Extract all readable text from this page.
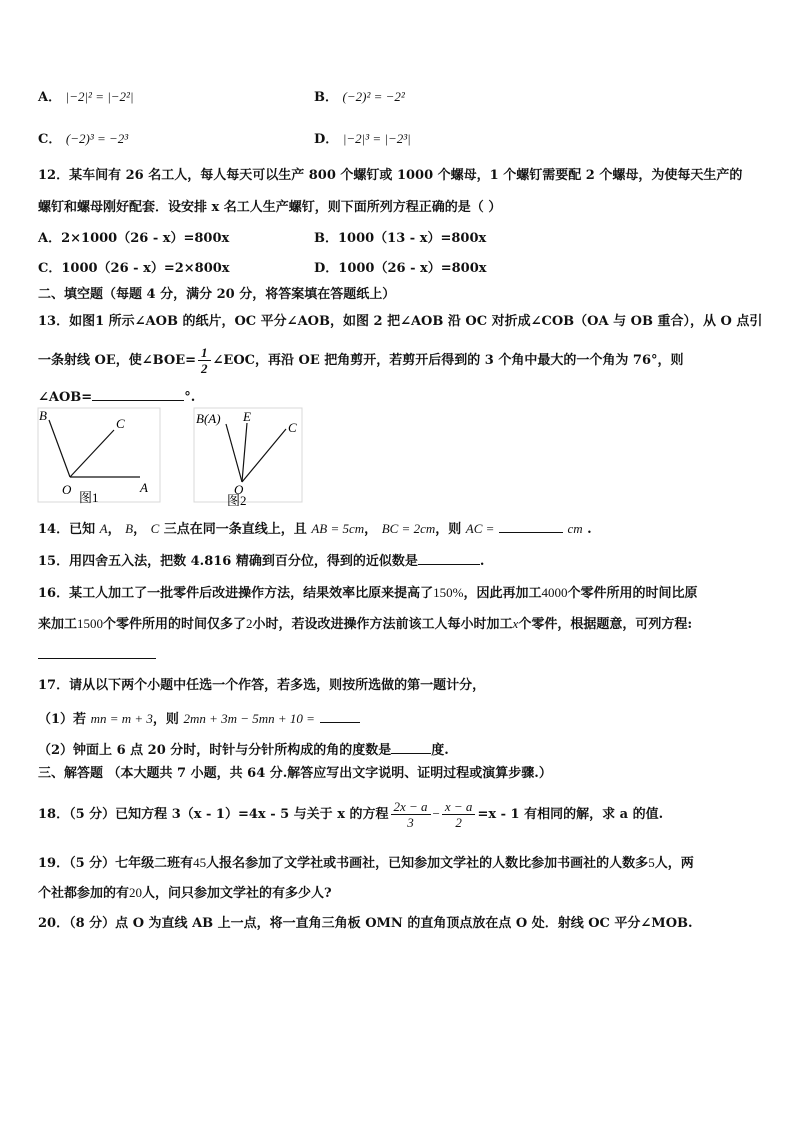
A． |−2|² = |−2²|	B． (−2)² = −2²
C． (−2)³ = −2³	D． |−2|³ = |−2³|
12．某车间有 26 名工人，每人每天可以生产 800 个螺钉或 1000 个螺母，1 个螺钉需要配 2 个螺母，为使每天生产的
螺钉和螺母刚好配套．设安排 x 名工人生产螺钉，则下面所列方程正确的是（ ）
A．2×1000（26 - x）=800x	B．1000（13 - x）=800x
C．1000（26 - x）=2×800x	D．1000（26 - x）=800x
二、填空题（每题 4 分，满分 20 分，将答案填在答题纸上）
13．如图1 所示∠AOB 的纸片，OC 平分∠AOB，如图 2 把∠AOB 沿 OC 对折成∠COB（OA 与 OB 重合），从 O 点引
一条射线 OE，使∠BOE= $\frac{1}{2}$ ∠EOC，再沿 OE 把角剪开，若剪开后得到的 3 个角中最大的一个角为 76°，则
∠AOB=	°.
B
C
O	A
图1
B(A) E
C
O
图2
14．已知 A， B， C 三点在同一条直线上，且 AB = 5cm， BC = 2cm，则 AC =	cm .
15．用四舍五入法，把数 4.816 精确到百分位，得到的近似数是	.
16．某工人加工了一批零件后改进操作方法，结果效率比原来提高了150%，因此再加工4000个零件所用的时间比原
来加工1500个零件所用的时间仅多了2小时，若设改进操作方法前该工人每小时加工x个零件，根据题意，可列方程:
17．请从以下两个小题中任选一个作答，若多选，则按所选做的第一题计分，
（1）若 mn = m + 3，则 2mn + 3m − 5mn + 10 =
（2）钟面上 6 点 20 分时，时针与分针所构成的角的度数是	度.
三、解答题 （本大题共 7 小题，共 64 分.解答应写出文字说明、证明过程或演算步骤.）
18．（5 分）已知方程 3（x - 1）=4x - 5 与关于 x 的方程 $\frac{2x - a}{3} - \frac{x - a}{2} =x - 1$ 有相同的解，求 a 的值.
19．（5 分）七年级二班有45人报名参加了文学社或书画社，已知参加文学社的人数比参加书画社的人数多5人，两
个社都参加的有20人，问只参加文学社的有多少人?
20．（8 分）点 O 为直线 AB 上一点，将一直角三角板 OMN 的直角顶点放在点 O 处．射线 OC 平分∠MOB.
